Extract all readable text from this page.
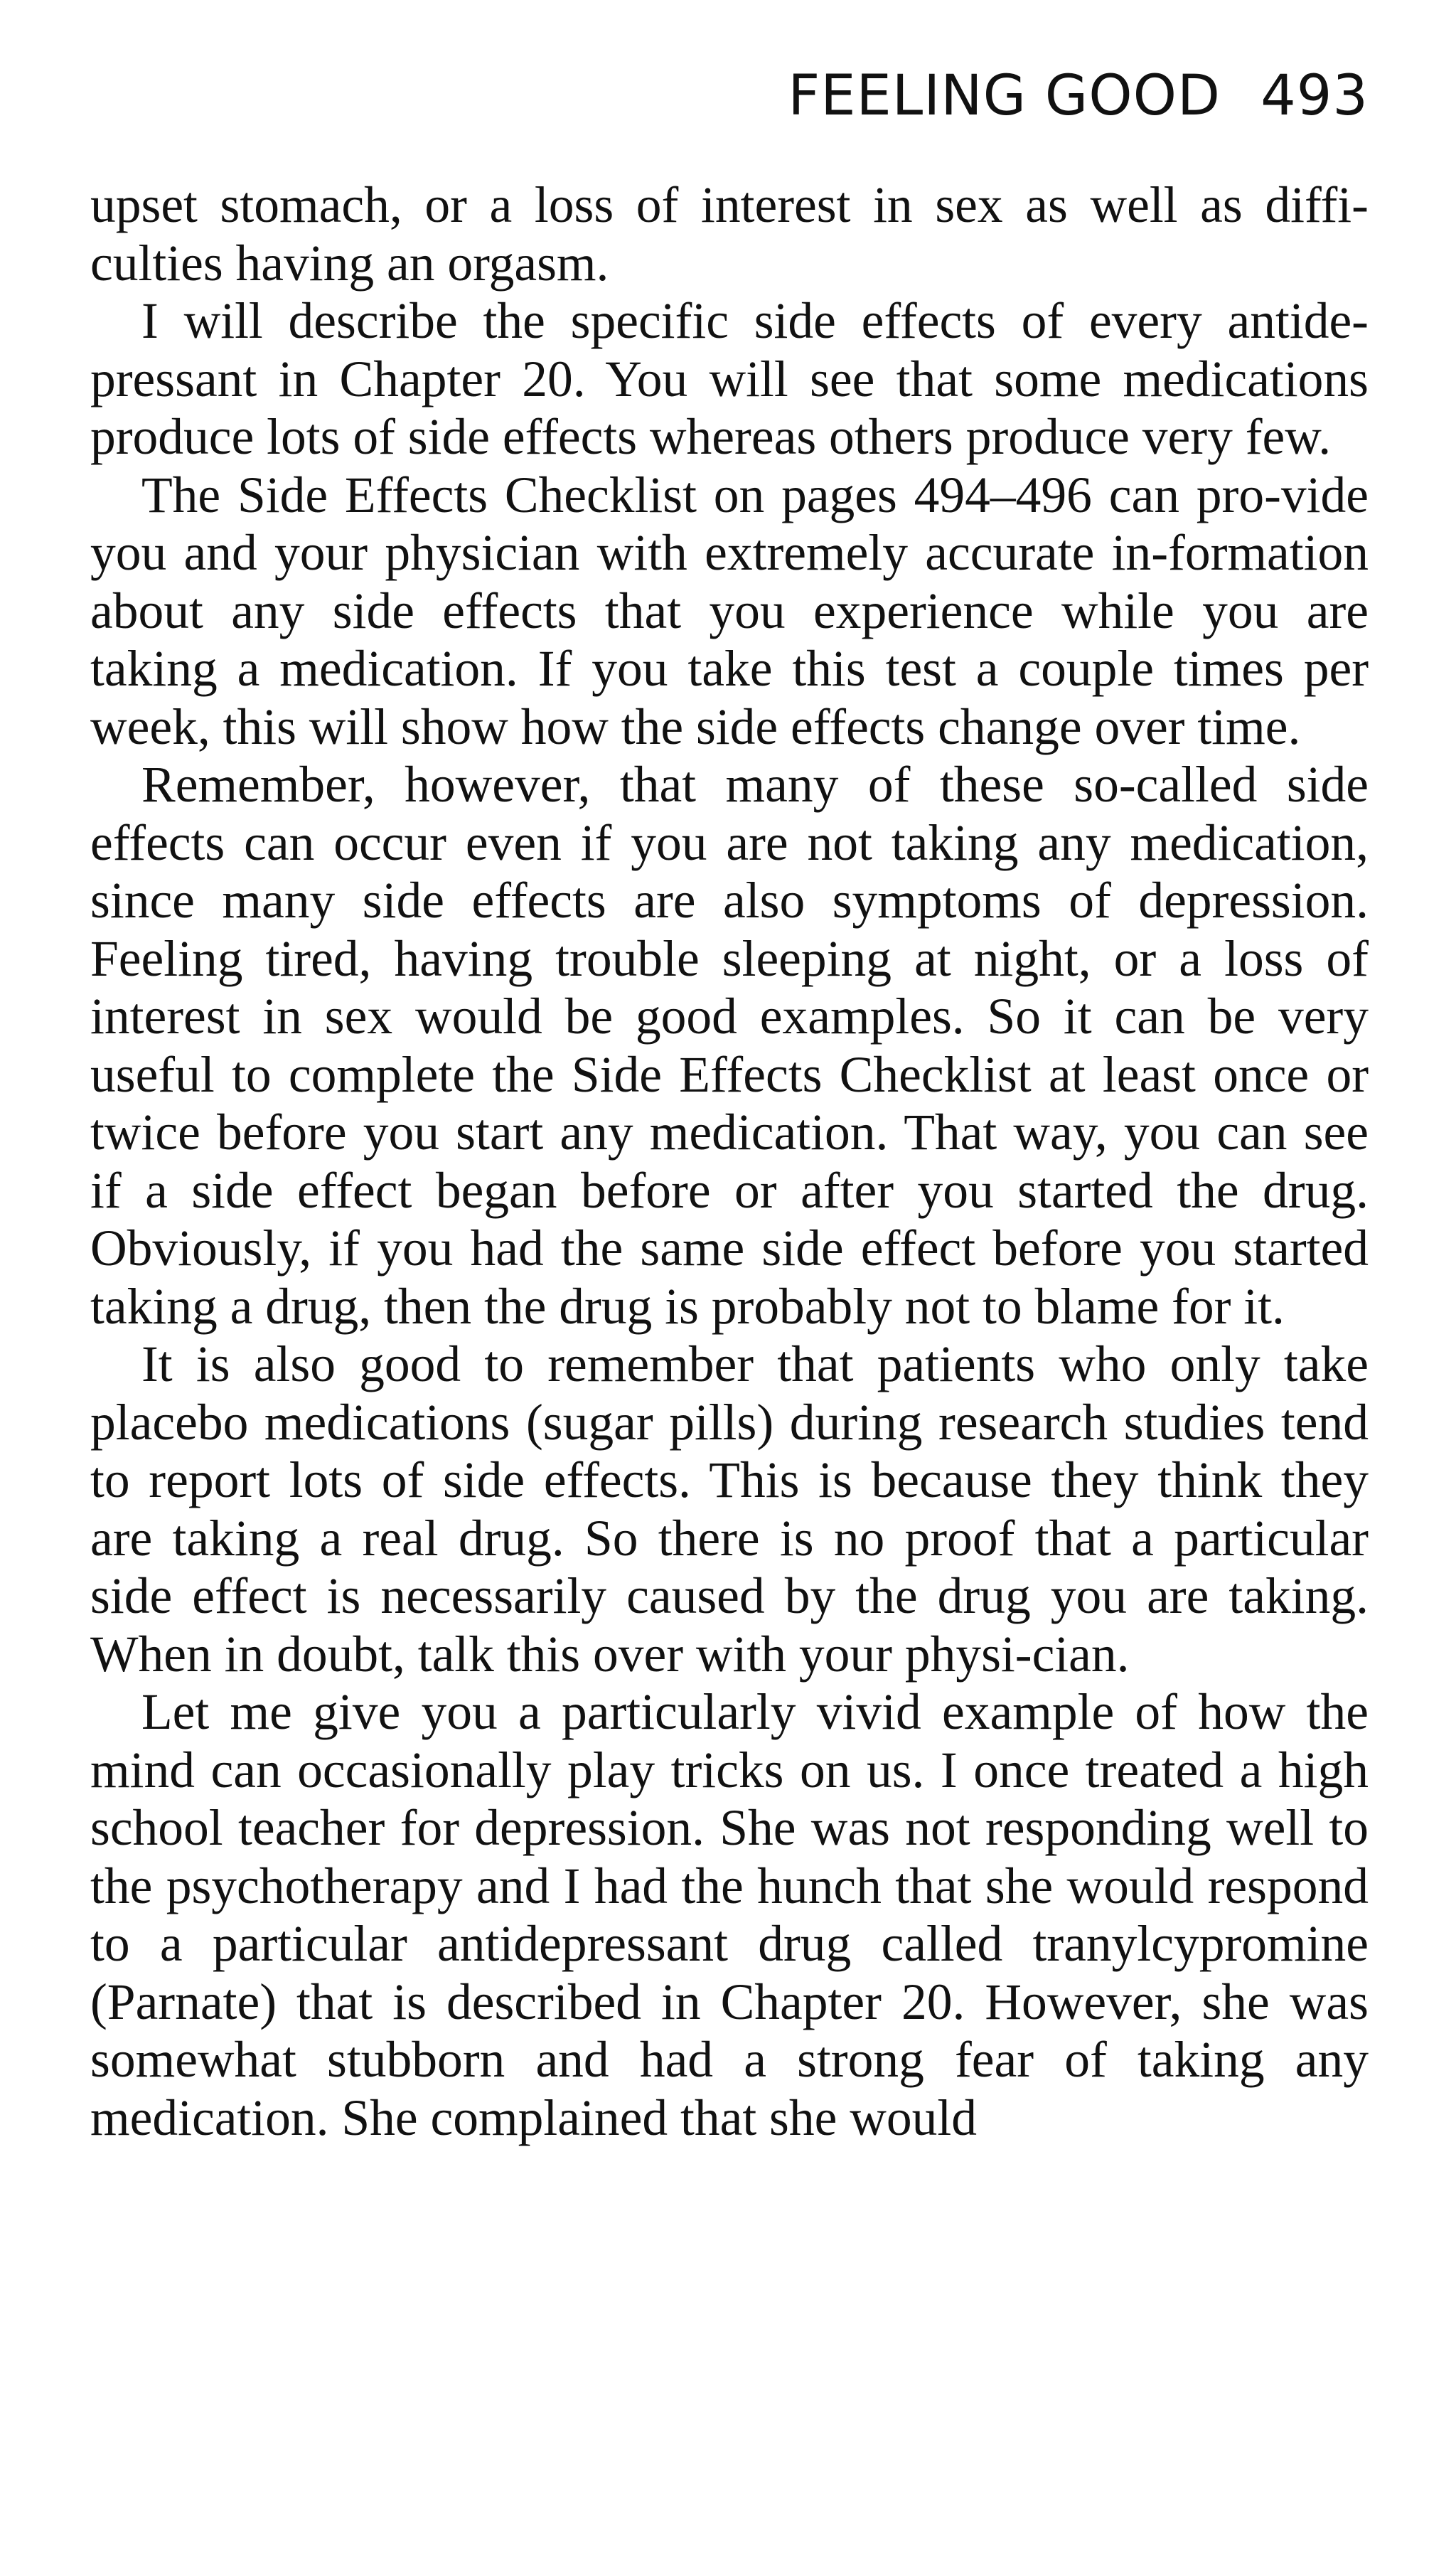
FEELING GOOD 493

upset stomach, or a loss of interest in sex as well as diffi-culties having an orgasm.

I will describe the specific side effects of every antide-pressant in Chapter 20. You will see that some medications produce lots of side effects whereas others produce very few.

The Side Effects Checklist on pages 494–496 can pro-vide you and your physician with extremely accurate in-formation about any side effects that you experience while you are taking a medication. If you take this test a couple times per week, this will show how the side effects change over time.

Remember, however, that many of these so-called side effects can occur even if you are not taking any medication, since many side effects are also symptoms of depression. Feeling tired, having trouble sleeping at night, or a loss of interest in sex would be good examples. So it can be very useful to complete the Side Effects Checklist at least once or twice before you start any medication. That way, you can see if a side effect began before or after you started the drug. Obviously, if you had the same side effect before you started taking a drug, then the drug is probably not to blame for it.

It is also good to remember that patients who only take placebo medications (sugar pills) during research studies tend to report lots of side effects. This is because they think they are taking a real drug. So there is no proof that a particular side effect is necessarily caused by the drug you are taking. When in doubt, talk this over with your physi-cian.

Let me give you a particularly vivid example of how the mind can occasionally play tricks on us. I once treated a high school teacher for depression. She was not responding well to the psychotherapy and I had the hunch that she would respond to a particular antidepressant drug called tranylcypromine (Parnate) that is described in Chapter 20. However, she was somewhat stubborn and had a strong fear of taking any medication. She complained that she would
